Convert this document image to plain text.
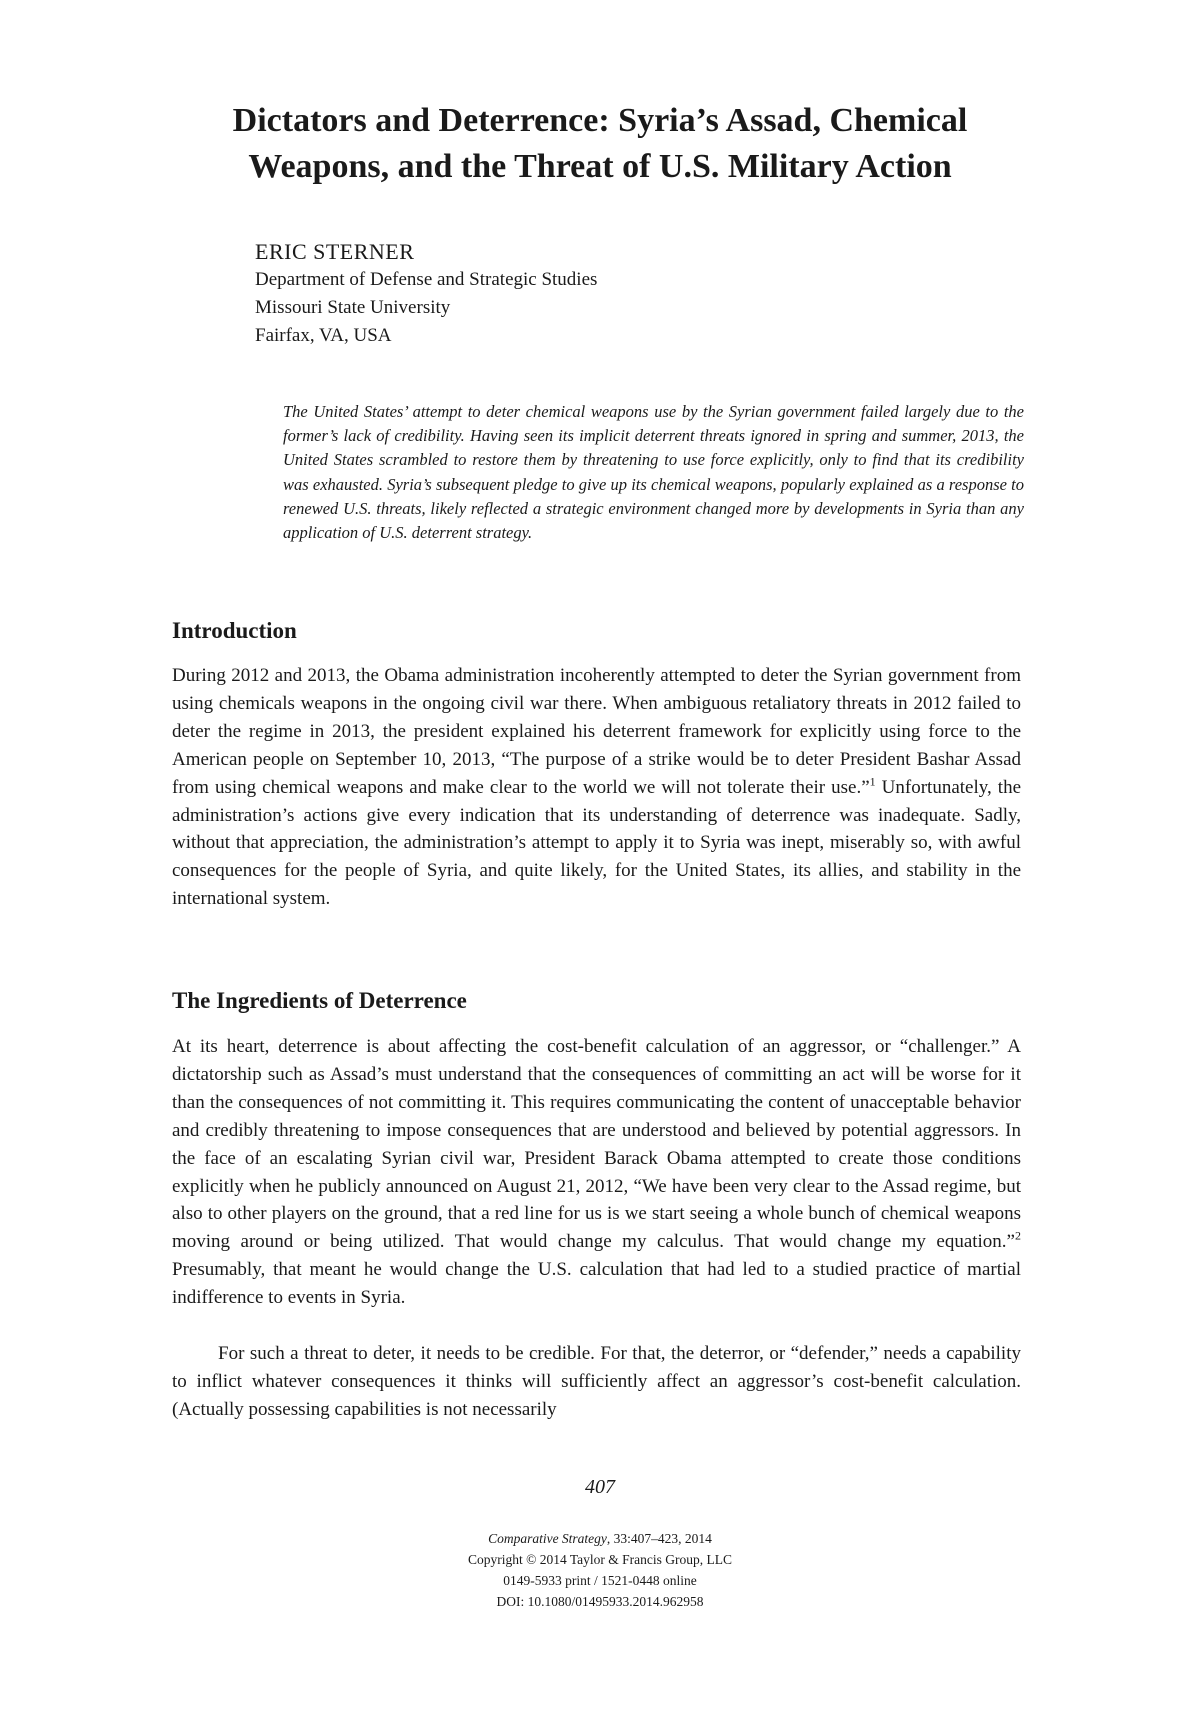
Dictators and Deterrence: Syria’s Assad, Chemical
Weapons, and the Threat of U.S. Military Action
ERIC STERNER
Department of Defense and Strategic Studies
Missouri State University
Fairfax, VA, USA

The United States’ attempt to deter chemical weapons use by the Syrian government failed largely due to the former’s lack of credibility. Having seen its implicit deterrent threats ignored in spring and summer, 2013, the United States scrambled to restore them by threatening to use force explicitly, only to find that its credibility was exhausted. Syria’s subsequent pledge to give up its chemical weapons, popularly explained as a response to renewed U.S. threats, likely reflected a strategic environment changed more by developments in Syria than any application of U.S. deterrent strategy.

Introduction

During 2012 and 2013, the Obama administration incoherently attempted to deter the Syrian government from using chemicals weapons in the ongoing civil war there. When ambiguous retaliatory threats in 2012 failed to deter the regime in 2013, the president explained his deterrent framework for explicitly using force to the American people on September 10, 2013, “The purpose of a strike would be to deter President Bashar Assad from using chemical weapons and make clear to the world we will not tolerate their use.”$^1$ Unfortunately, the administration’s actions give every indication that its understanding of deterrence was inadequate. Sadly, without that appreciation, the administration’s attempt to apply it to Syria was inept, miserably so, with awful consequences for the people of Syria, and quite likely, for the United States, its allies, and stability in the international system.

The Ingredients of Deterrence

At its heart, deterrence is about affecting the cost-benefit calculation of an aggressor, or “challenger.” A dictatorship such as Assad’s must understand that the consequences of committing an act will be worse for it than the consequences of not committing it. This requires communicating the content of unacceptable behavior and credibly threatening to impose consequences that are understood and believed by potential aggressors. In the face of an escalating Syrian civil war, President Barack Obama attempted to create those conditions explicitly when he publicly announced on August 21, 2012, “We have been very clear to the Assad regime, but also to other players on the ground, that a red line for us is we start seeing a whole bunch of chemical weapons moving around or being utilized. That would change my calculus. That would change my equation.”$^2$ Presumably, that meant he would change the U.S. calculation that had led to a studied practice of martial indifference to events in Syria.

For such a threat to deter, it needs to be credible. For that, the deterror, or “defender,” needs a capability to inflict whatever consequences it thinks will sufficiently affect an aggressor’s cost-benefit calculation. (Actually possessing capabilities is not necessarily

407
Comparative Strategy, 33:407–423, 2014
Copyright © 2014 Taylor & Francis Group, LLC
0149-5933 print / 1521-0448 online
DOI: 10.1080/01495933.2014.962958
